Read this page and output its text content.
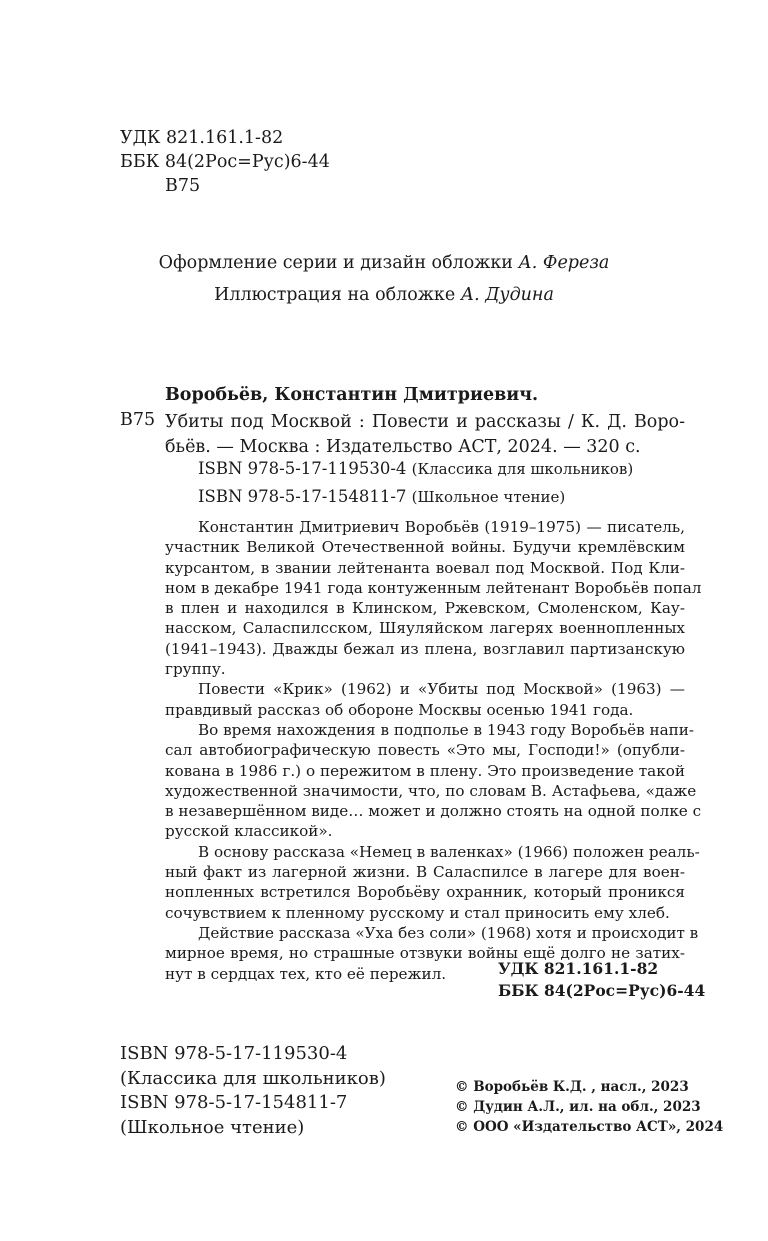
УДК 821.161.1-82
ББК 84(2Рос=Рус)6-44
В75
Оформление серии и дизайн обложки А. Фереза
Иллюстрация на обложке А. Дудина
Воробьёв, Константин Дмитриевич.
В75 Убиты под Москвой : Повести и рассказы / К. Д. Воро-
бьёв. — Москва : Издательство АСТ, 2024. — 320 с.
ISBN 978-5-17-119530-4 (Классика для школьников)
ISBN 978-5-17-154811-7 (Школьное чтение)
Константин Дмитриевич Воробьёв (1919–1975) — писатель,
участник Великой Отечественной войны. Будучи кремлёвским
курсантом, в звании лейтенанта воевал под Москвой. Под Кли-
ном в декабре 1941 года контуженным лейтенант Воробьёв попал
в плен и находился в Клинском, Ржевском, Смоленском, Кау-
насском, Саласпилсском, Шяуляйском лагерях военнопленных
(1941–1943). Дважды бежал из плена, возглавил партизанскую
группу.
Повести «Крик» (1962) и «Убиты под Москвой» (1963) —
правдивый рассказ об обороне Москвы осенью 1941 года.
Во время нахождения в подполье в 1943 году Воробьёв напи-
сал автобиографическую повесть «Это мы, Господи!» (опубли-
кована в 1986 г.) о пережитом в плену. Это произведение такой
художественной значимости, что, по словам В. Астафьева, «даже
в незавершённом виде… может и должно стоять на одной полке с
русской классикой».
В основу рассказа «Немец в валенках» (1966) положен реаль-
ный факт из лагерной жизни. В Саласпилсе в лагере для воен-
нопленных встретился Воробьёву охранник, который проникся
сочувствием к пленному русскому и стал приносить ему хлеб.
Действие рассказа «Уха без соли» (1968) хотя и происходит в
мирное время, но страшные отзвуки войны ещё долго не затих-
нут в сердцах тех, кто её пережил.	УДК 821.161.1-82
ББК 84(2Рос=Рус)6-44
ISBN 978-5-17-119530-4
(Классика для школьников)
ISBN 978-5-17-154811-7
(Школьное чтение)
© Воробьёв К.Д. , насл., 2023
© Дудин А.Л., ил. на обл., 2023
© ООО «Издательство АСТ», 2024
